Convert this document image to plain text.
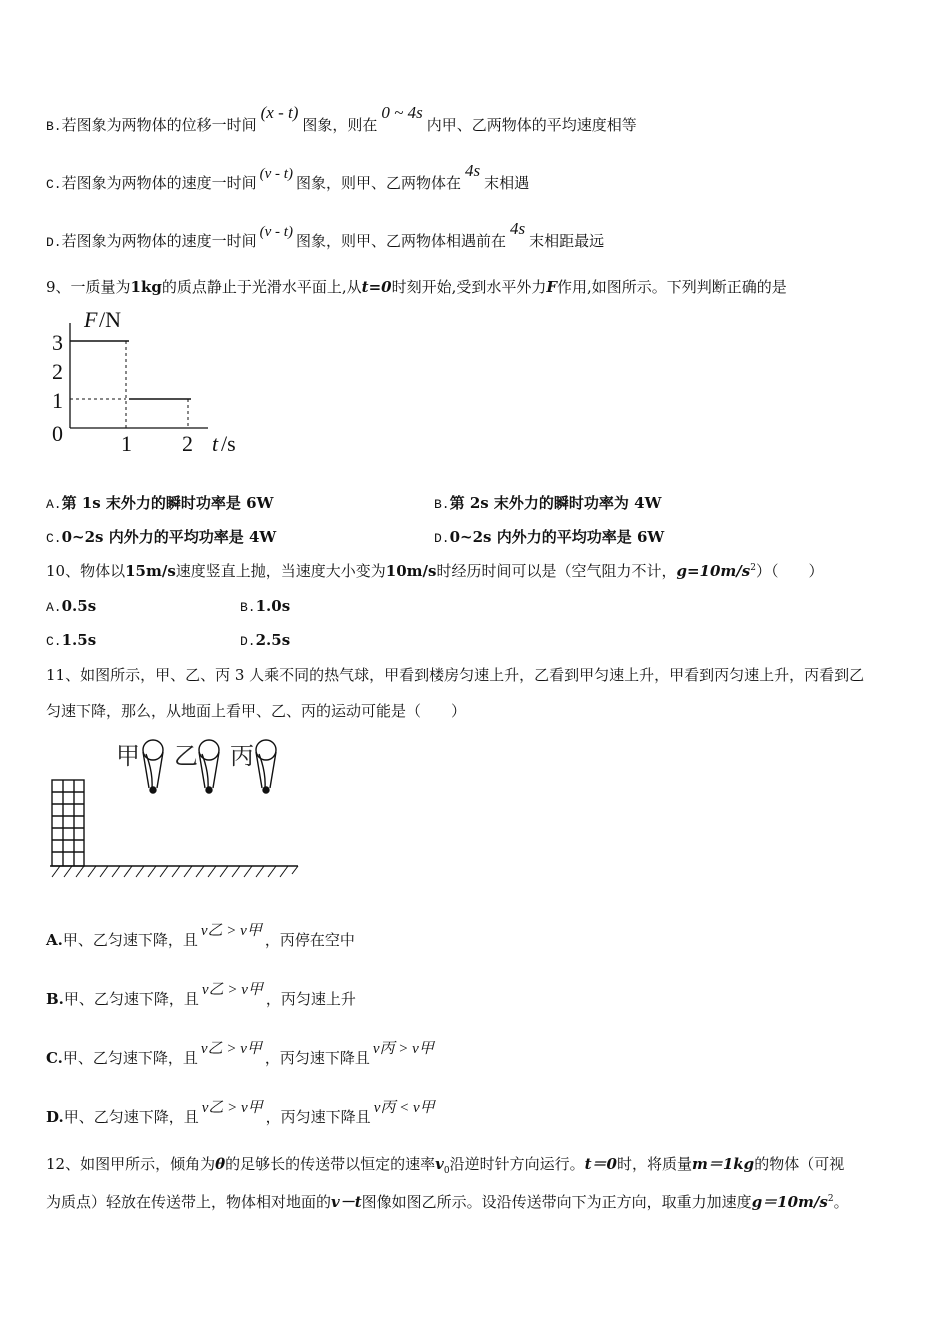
B.若图象为两物体的位移一时间(x - t)图象，则在0 ~ 4s内甲、乙两物体的平均速度相等
C.若图象为两物体的速度一时间 (v - t) 图象，则甲、乙两物体在4s末相遇
D.若图象为两物体的速度一时间 (v - t) 图象，则甲、乙两物体相遇前在4s末相距最远
9、一质量为1kg的质点静止于光滑水平面上,从t=0时刻开始,受到水平外力F作用,如图所示。下列判断正确的是
F /N
3
2
1
0	1 2 t /s
A.第 1s 末外力的瞬时功率是 6W	B.第 2s 末外力的瞬时功率为 4W
C.0~2s 内外力的平均功率是 4W	D.0~2s 内外力的平均功率是 6W
10、物体以15m/s速度竖直上抛，当速度大小变为10m/s时经历时间可以是（空气阻力不计，$g=10m/s^2$）（　　）
A.0.5s	B.1.0s
C.1.5s	D.2.5s
11、如图所示，甲、乙、丙 3 人乘不同的热气球，甲看到楼房匀速上升，乙看到甲匀速上升，甲看到丙匀速上升，丙看到乙
匀速下降，那么，从地面上看甲、乙、丙的运动可能是（　　）
甲 乙 丙
A.甲、乙匀速下降，且 v乙 > v甲 ，丙停在空中
B.甲、乙匀速下降，且 v乙 > v甲 ，丙匀速上升
C.甲、乙匀速下降，且 v乙 > v甲 ，丙匀速下降且 v丙 > v甲
D.甲、乙匀速下降，且 v乙 > v甲 ，丙匀速下降且 v丙 < v甲
12、如图甲所示，倾角为θ的足够长的传送带以恒定的速率$v_0$沿逆时针方向运行。t＝0时，将质量m＝1kg的物体（可视
为质点）轻放在传送带上，物体相对地面的v－t图像如图乙所示。设沿传送带向下为正方向，取重力加速度$g=10m/s^2$。
